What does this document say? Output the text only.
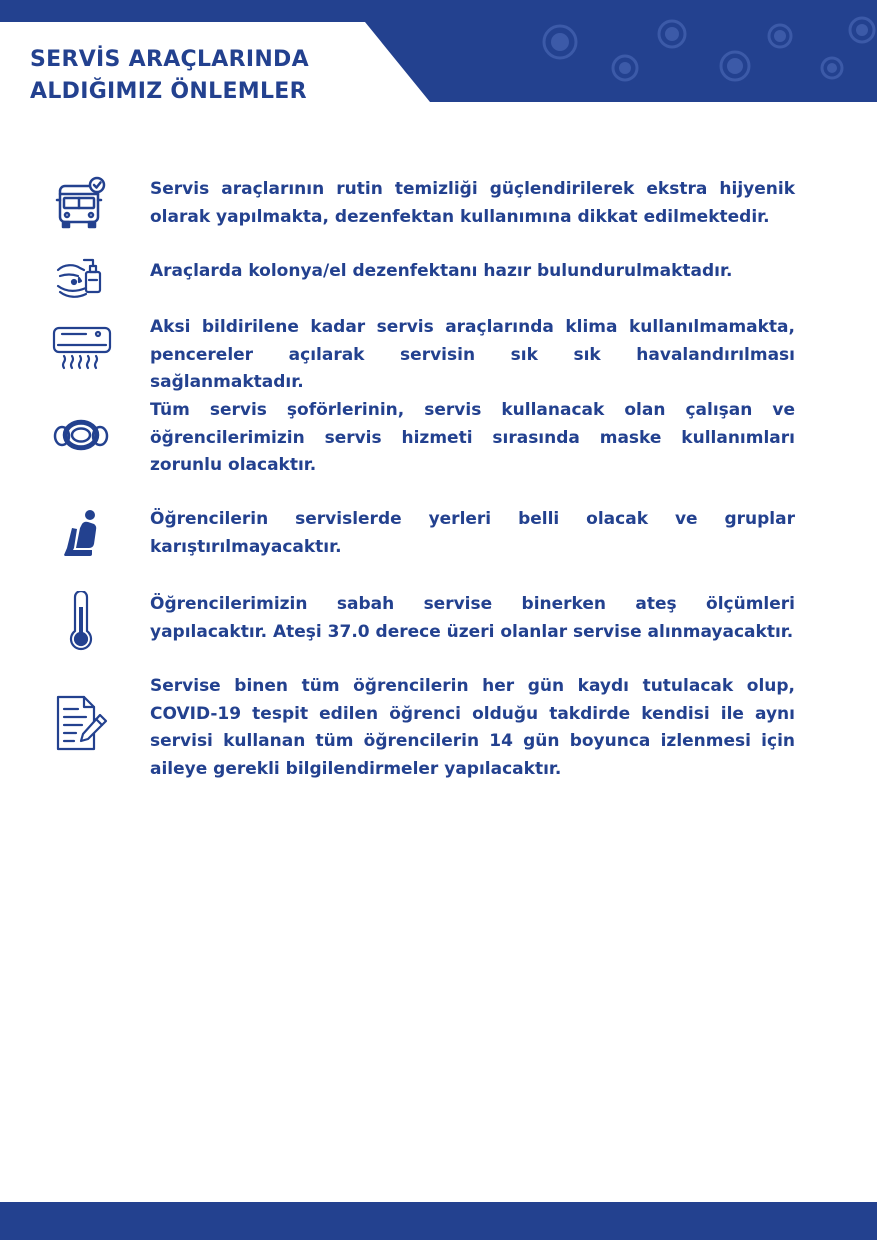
SERVİS ARAÇLARINDA
ALDIĞIMIZ ÖNLEMLER

Servis araçlarının rutin temizliği güçlendirilerek ekstra hijyenik olarak yapılmakta, dezenfektan kullanımına dikkat edilmektedir.

Araçlarda kolonya/el dezenfektanı hazır bulundurulmaktadır.

Aksi bildirilene kadar servis araçlarında klima kullanılmamakta, pencereler açılarak servisin sık sık havalandırılması sağlanmaktadır.

Tüm servis şoförlerinin, servis kullanacak olan çalışan ve öğrencilerimizin servis hizmeti sırasında maske kullanımları zorunlu olacaktır.

Öğrencilerin servislerde yerleri belli olacak ve gruplar karıştırılmayacaktır.

Öğrencilerimizin sabah servise binerken ateş ölçümleri yapılacaktır. Ateşi 37.0 derece üzeri olanlar servise alınmayacaktır.

Servise binen tüm öğrencilerin her gün kaydı tutulacak olup, COVID-19 tespit edilen öğrenci olduğu takdirde kendisi ile aynı servisi kullanan tüm öğrencilerin 14 gün boyunca izlenmesi için aileye gerekli bilgilendirmeler yapılacaktır.
